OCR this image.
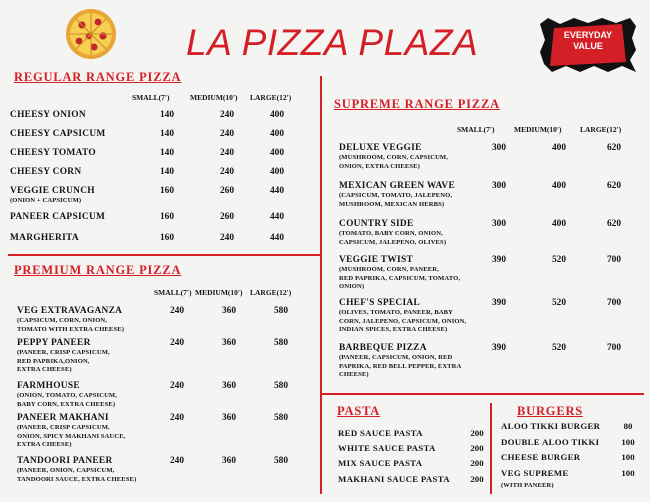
LA PIZZA PLAZA	EVERYDAY
VALUE
REGULAR RANGE PIZZA
SMALL(7')	MEDIUM(10') LARGE(12')
CHEESY ONION	140	240	400
CHEESY CAPSICUM	140	240	400
CHEESY TOMATO	140	240	400
CHEESY CORN	140	240	400
VEGGIE CRUNCH
(ONION + CAPSICUM)
160	260	440
PANEER CAPSICUM	160	260	440
MARGHERITA	160	240	440
PREMIUM RANGE PIZZA
SMALL(7') MEDIUM(10') LARGE(12')
VEG EXTRAVAGANZA
(CAPSICUM, CORN, ONION,
TOMATO WITH EXTRA CHEESE)
240	360	580
PEPPY PANEER
(PANEER, CRISP CAPSICUM,
RED PAPRIKA,ONION,
EXTRA CHEESE)
240	360	580
FARMHOUSE
(ONION, TOMATO, CAPSICUM,
BABY CORN, EXTRA CHEESE)
240	360	580
PANEER MAKHANI
(PANEER, CRISP CAPSICUM,
ONION, SPICY MAKHANI SAUCE,
EXTRA CHEESE)
240	360	580
TANDOORI PANEER
(PANEER, ONION, CAPSICUM,
TANDOORI SAUCE, EXTRA CHEESE)
240	360	580
SUPREME RANGE PIZZA
SMALL(7')	MEDIUM(10') LARGE(12')
DELUXE VEGGIE
(MUSHROOM, CORN, CAPSICUM,
ONION, EXTRA CHEESE)
300	400	620
MEXICAN GREEN WAVE
(CAPSICUM, TOMATO, JALEPENO,
MUSHROOM, MEXICAN HERBS)
300	400	620
COUNTRY SIDE
(TOMATO, BABY CORN, ONION,
CAPSICUM, JALEPENO, OLIVES)
300	400	620
VEGGIE TWIST
(MUSHROOM, CORN, PANEER,
RED PAPRIKA, CAPSICUM, TOMATO,
ONION)
390	520	700
CHEF'S SPECIAL
(OLIVES, TOMATO, PANEER, BABY
CORN, JALEPENO, CAPSICUM, ONION,
INDIAN SPICES, EXTRA CHEESE)
390	520	700
BARBEQUE PIZZA
(PANEER, CAPSICUM, ONION, RED
PAPRIKA, RED BELL PEPPER, EXTRA
CHEESE)
390	520	700
PASTA
RED SAUCE PASTA	200
WHITE SAUCE PASTA	200
MIX SAUCE PASTA	200
MAKHANI SAUCE PASTA	200
BURGERS
ALOO TIKKI BURGER	80
DOUBLE ALOO TIKKI	100
CHEESE BURGER	100
VEG SUPREME	100
(WITH PANEER)
